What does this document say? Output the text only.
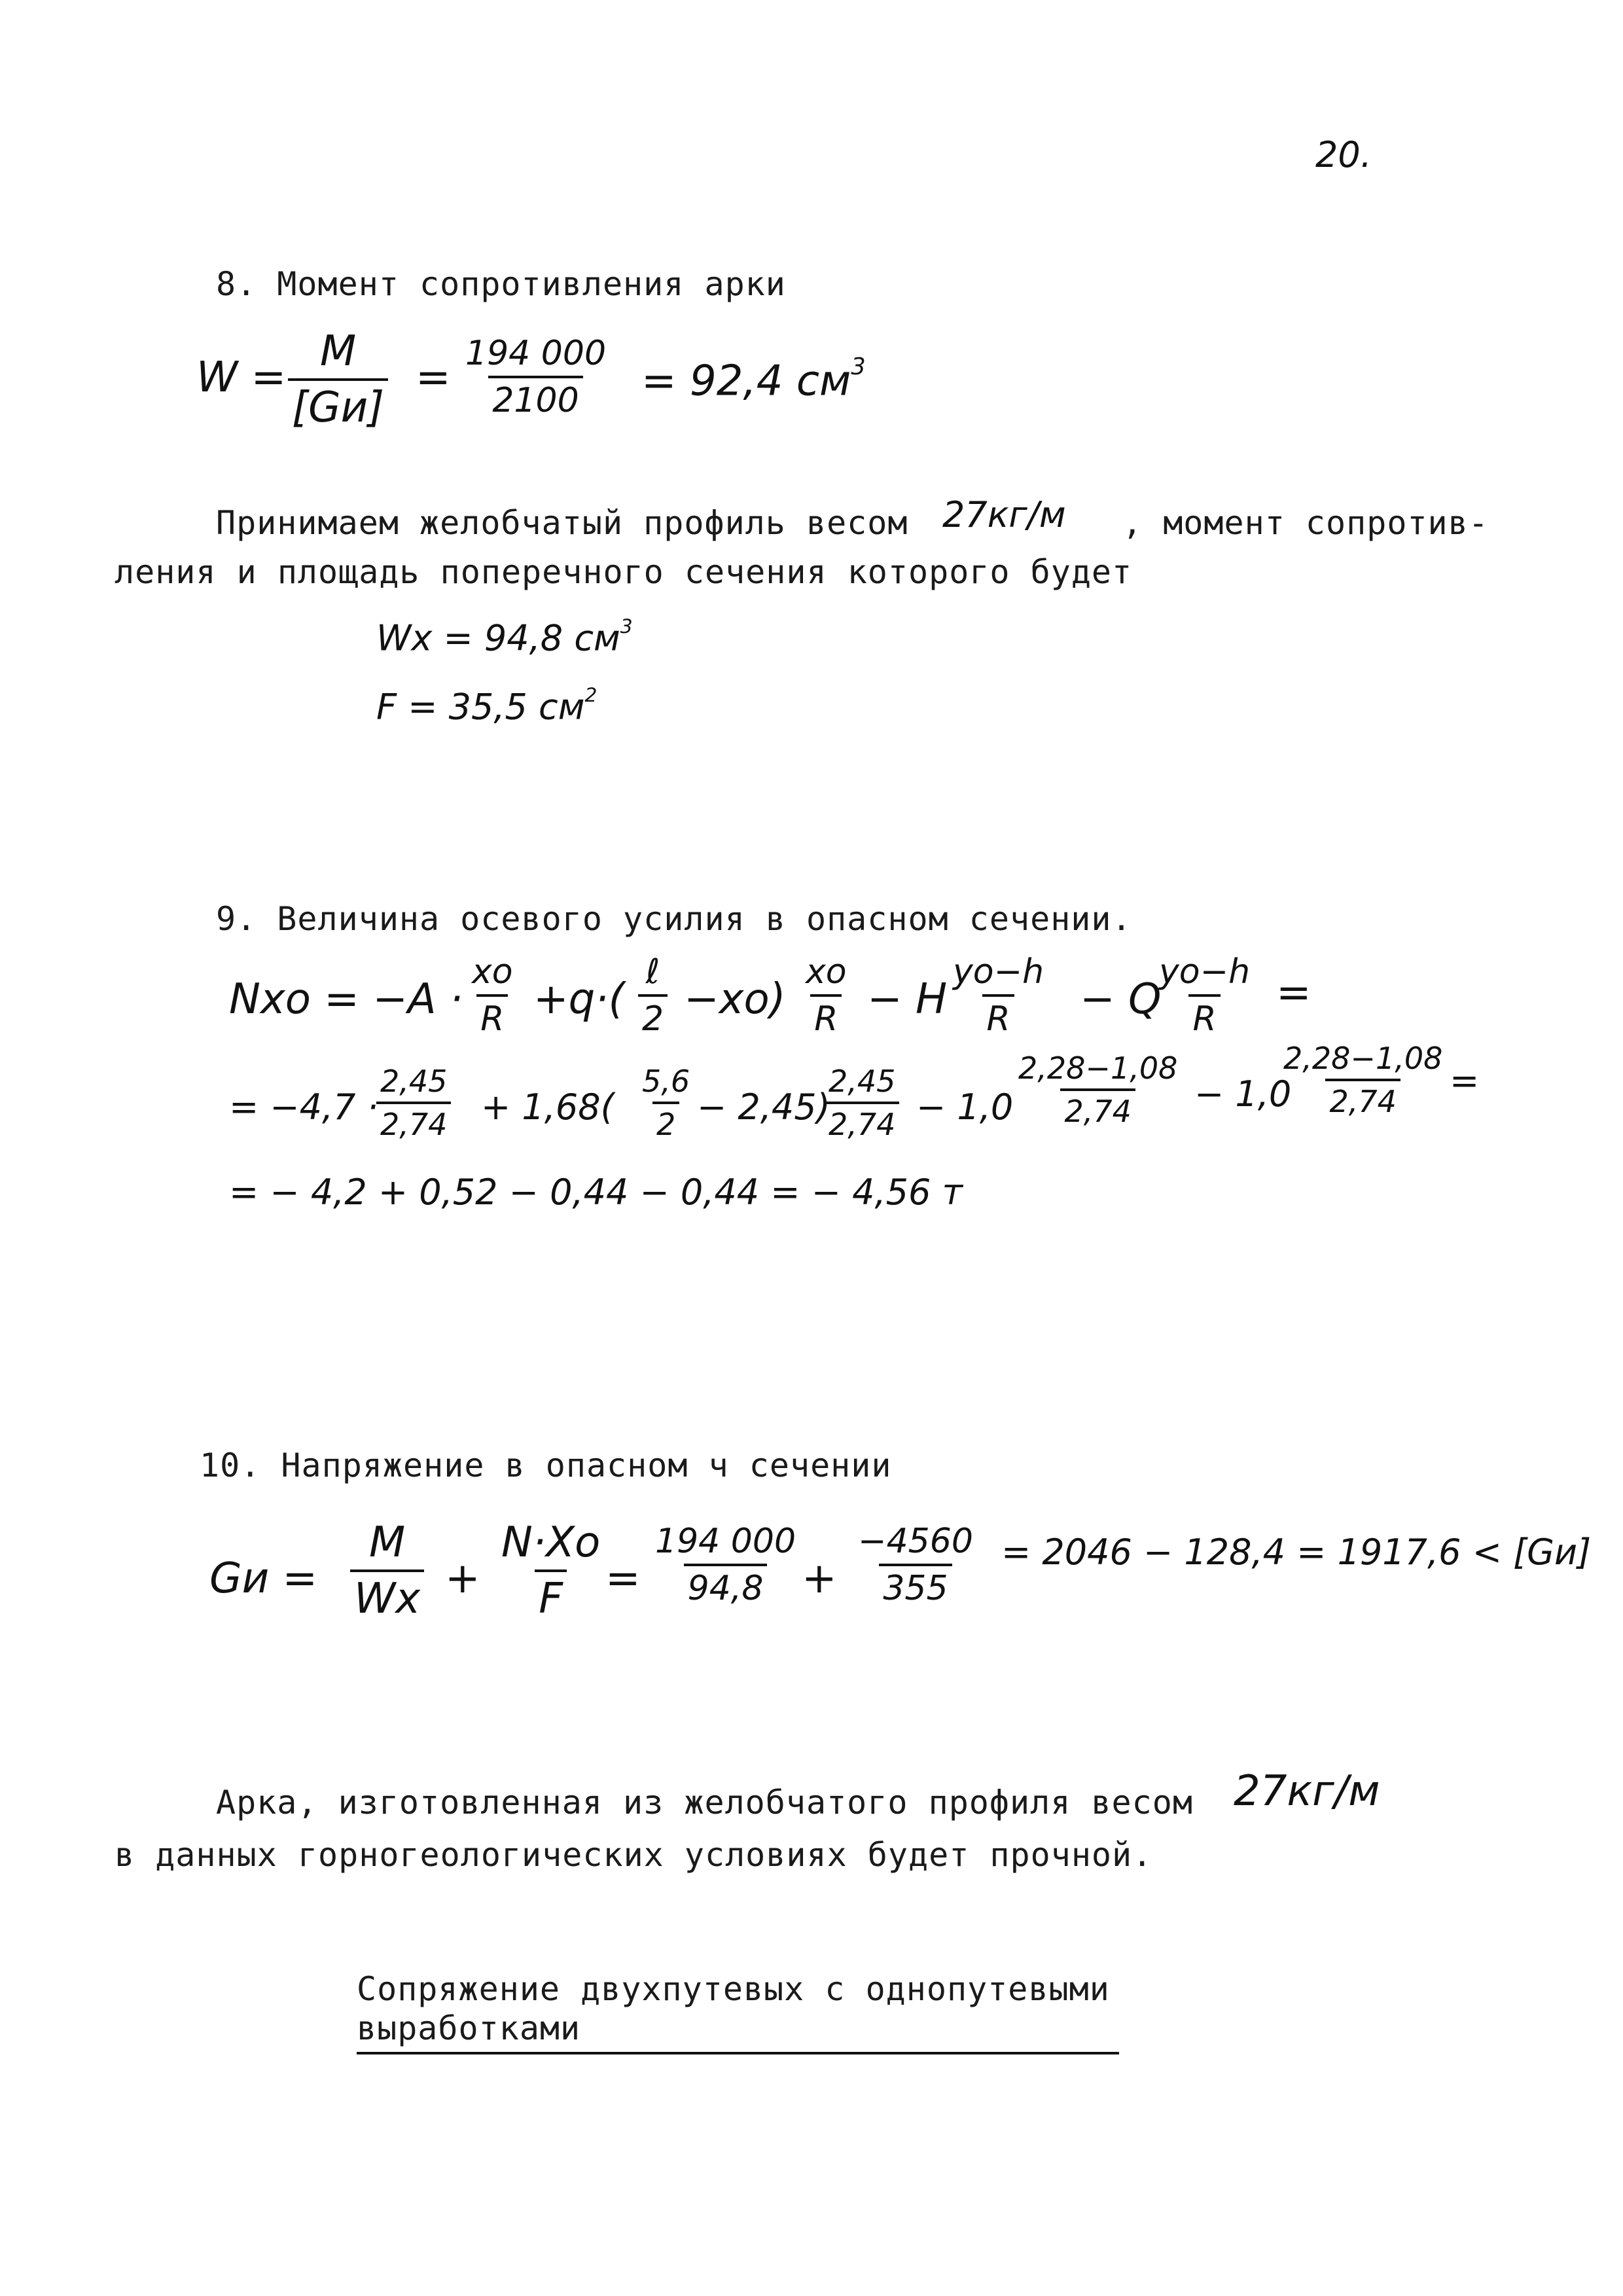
20.
8. Момент сопротивления арки
W =
M
[Gи]
= $\frac{194 000}{2100} = 92,4$ $см^3$
Принимаем желобчатый профиль весом 27кг/м , момент сопротив-
ления и площадь поперечного сечения которого будет
Wx = 94,8 $см^3$
F = 35,5 $см^2$
9. Величина осевого усилия в опасном сечении.
Nxo = $-A \cdot \frac{xo}{R} +q\cdot$(
ℓ
$2 -xo) \frac{xo}{R} - H \frac{yo-h}{R} - Q$
$\frac{yo-h}{R}$ =
= −4,7 ·
$\frac{2,45}{2,74} + 1,68( \frac{5,6}{2} - 2,45)$
$\frac{2,45}{2,74} - 1,0 \frac{2,28-1,08}{2,74} - 1,0$
$\frac{2,28-1,08}{2,74}$ =
= − 4,2 + 0,52 − 0,44 − 0,44 = − 4,56 т
10. Напряжение в опасном ч сечении
Gи = $\frac{M}{Wx} + \frac{N\cdot Xo}{F} = \frac{194 000}{94,8} + \frac{-4560}{355} = 2046 - 128,4 = 1917,6 < [Gи]$
Арка, изготовленная из желобчатого профиля весом 27кг/м
в данных горногеологических условиях будет прочной.
Сопряжение двухпутевых с однопутевыми
выработками
